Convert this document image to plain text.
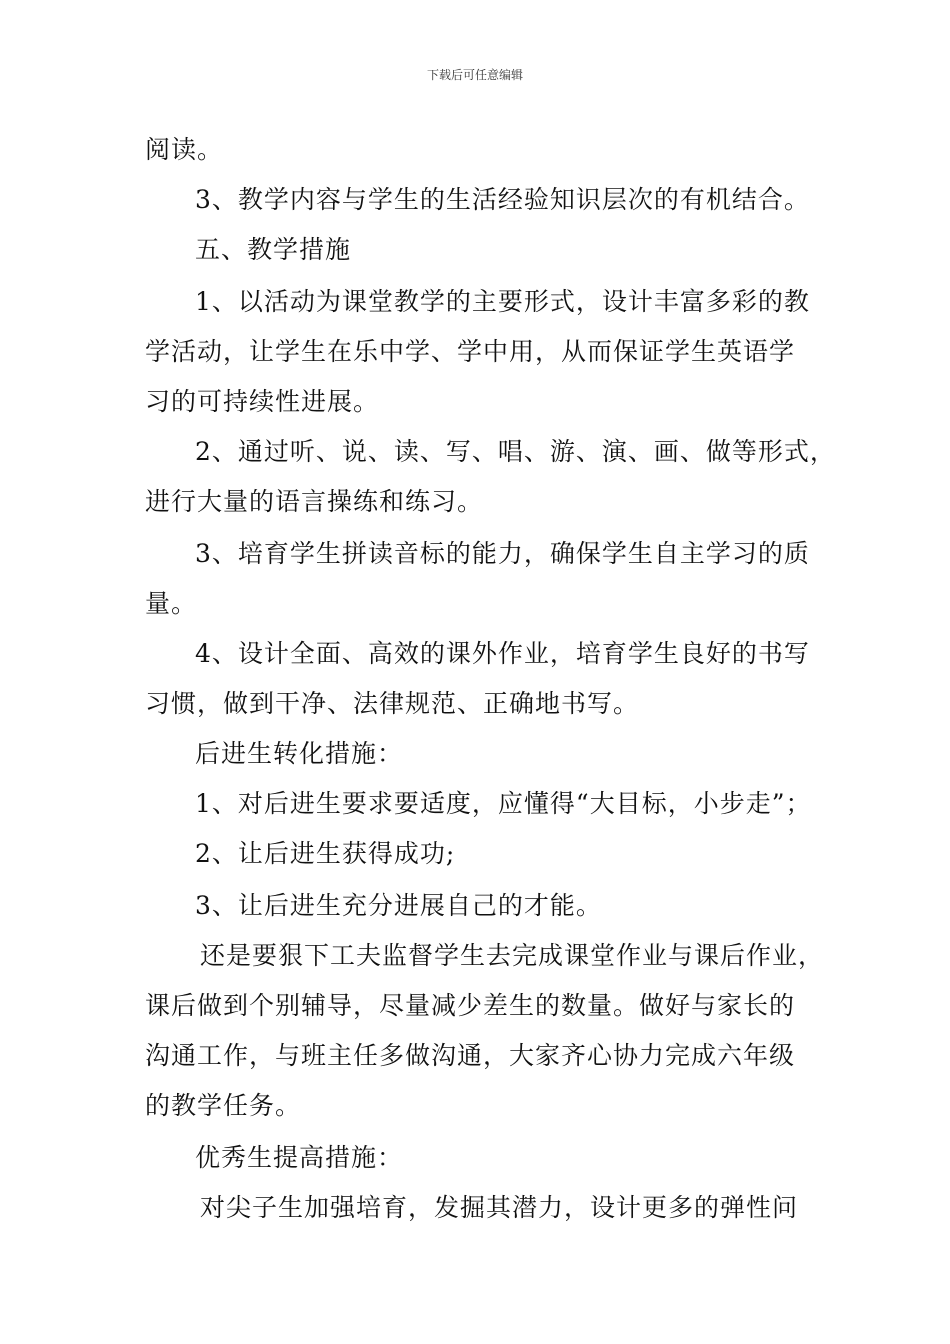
下载后可任意编辑
阅读。
3、教学内容与学生的生活经验知识层次的有机结合。
五、教学措施
1、以活动为课堂教学的主要形式，设计丰富多彩的教
学活动，让学生在乐中学、学中用，从而保证学生英语学
习的可持续性进展。
2、通过听、说、读、写、唱、游、演、画、做等形式，
进行大量的语言操练和练习。
3、培育学生拼读音标的能力，确保学生自主学习的质
量。
4、设计全面、高效的课外作业，培育学生良好的书写
习惯，做到干净、法律规范、正确地书写。
后进生转化措施：
1、对后进生要求要适度，应懂得“大目标，小步走”；
2、让后进生获得成功;
3、让后进生充分进展自己的才能。
还是要狠下工夫监督学生去完成课堂作业与课后作业，
课后做到个别辅导，尽量减少差生的数量。做好与家长的
沟通工作，与班主任多做沟通，大家齐心协力完成六年级
的教学任务。
优秀生提高措施：
对尖子生加强培育，发掘其潜力，设计更多的弹性问
